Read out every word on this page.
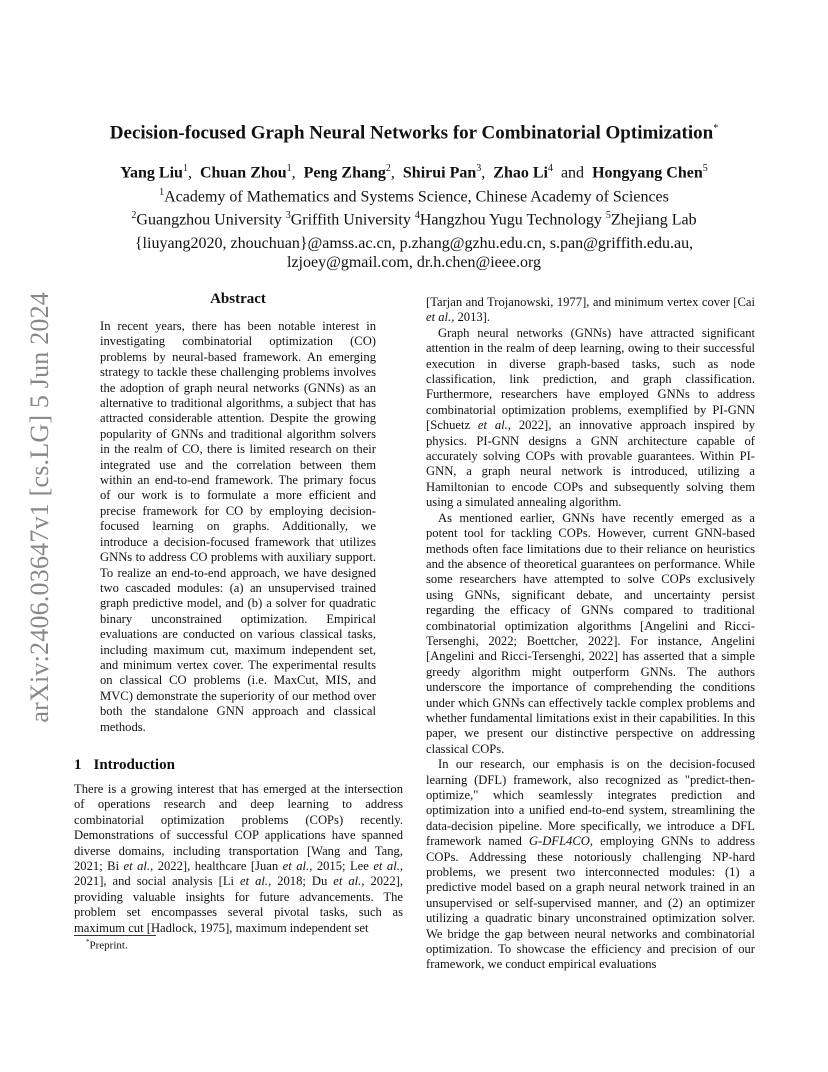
arXiv:2406.03647v1 [cs.LG] 5 Jun 2024
Decision-focused Graph Neural Networks for Combinatorial Optimization*
Yang Liu$^1$, Chuan Zhou$^1$, Peng Zhang$^2$, Shirui Pan$^3$, Zhao Li$^4$ and Hongyang Chen$^5$
$^1$Academy of Mathematics and Systems Science, Chinese Academy of Sciences
$^2$Guangzhou University $^3$Griffith University $^4$Hangzhou Yugu Technology $^5$Zhejiang Lab
{liuyang2020, zhouchuan}@amss.ac.cn, p.zhang@gzhu.edu.cn, s.pan@griffith.edu.au,
lzjoey@gmail.com, dr.h.chen@ieee.org
Abstract

In recent years, there has been notable interest in investigating combinatorial optimization (CO) problems by neural-based framework. An emerging strategy to tackle these challenging problems involves the adoption of graph neural networks (GNNs) as an alternative to traditional algorithms, a subject that has attracted considerable attention. Despite the growing popularity of GNNs and traditional algorithm solvers in the realm of CO, there is limited research on their integrated use and the correlation between them within an end-to-end framework. The primary focus of our work is to formulate a more efficient and precise framework for CO by employing decision-focused learning on graphs. Additionally, we introduce a decision-focused framework that utilizes GNNs to address CO problems with auxiliary support. To realize an end-to-end approach, we have designed two cascaded modules: (a) an unsupervised trained graph predictive model, and (b) a solver for quadratic binary unconstrained optimization. Empirical evaluations are conducted on various classical tasks, including maximum cut, maximum independent set, and minimum vertex cover. The experimental results on classical CO problems (i.e. MaxCut, MIS, and MVC) demonstrate the superiority of our method over both the standalone GNN approach and classical methods.

1 Introduction

There is a growing interest that has emerged at the intersection of operations research and deep learning to address combinatorial optimization problems (COPs) recently. Demonstrations of successful COP applications have spanned diverse domains, including transportation [Wang and Tang, 2021; Bi et al., 2022], healthcare [Juan et al., 2015; Lee et al., 2021], and social analysis [Li et al., 2018; Du et al., 2022], providing valuable insights for future advancements. The problem set encompasses several pivotal tasks, such as maximum cut [Hadlock, 1975], maximum independent set

*Preprint.

[Tarjan and Trojanowski, 1977], and minimum vertex cover [Cai et al., 2013].

Graph neural networks (GNNs) have attracted significant attention in the realm of deep learning, owing to their successful execution in diverse graph-based tasks, such as node classification, link prediction, and graph classification. Furthermore, researchers have employed GNNs to address combinatorial optimization problems, exemplified by PI-GNN [Schuetz et al., 2022], an innovative approach inspired by physics. PI-GNN designs a GNN architecture capable of accurately solving COPs with provable guarantees. Within PI-GNN, a graph neural network is introduced, utilizing a Hamiltonian to encode COPs and subsequently solving them using a simulated annealing algorithm.

As mentioned earlier, GNNs have recently emerged as a potent tool for tackling COPs. However, current GNN-based methods often face limitations due to their reliance on heuristics and the absence of theoretical guarantees on performance. While some researchers have attempted to solve COPs exclusively using GNNs, significant debate, and uncertainty persist regarding the efficacy of GNNs compared to traditional combinatorial optimization algorithms [Angelini and Ricci-Tersenghi, 2022; Boettcher, 2022]. For instance, Angelini [Angelini and Ricci-Tersenghi, 2022] has asserted that a simple greedy algorithm might outperform GNNs. The authors underscore the importance of comprehending the conditions under which GNNs can effectively tackle complex problems and whether fundamental limitations exist in their capabilities. In this paper, we present our distinctive perspective on addressing classical COPs.

In our research, our emphasis is on the decision-focused learning (DFL) framework, also recognized as "predict-then-optimize," which seamlessly integrates prediction and optimization into a unified end-to-end system, streamlining the data-decision pipeline. More specifically, we introduce a DFL framework named G-DFL4CO, employing GNNs to address COPs. Addressing these notoriously challenging NP-hard problems, we present two interconnected modules: (1) a predictive model based on a graph neural network trained in an unsupervised or self-supervised manner, and (2) an optimizer utilizing a quadratic binary unconstrained optimization solver. We bridge the gap between neural networks and combinatorial optimization. To showcase the efficiency and precision of our framework, we conduct empirical evaluations
